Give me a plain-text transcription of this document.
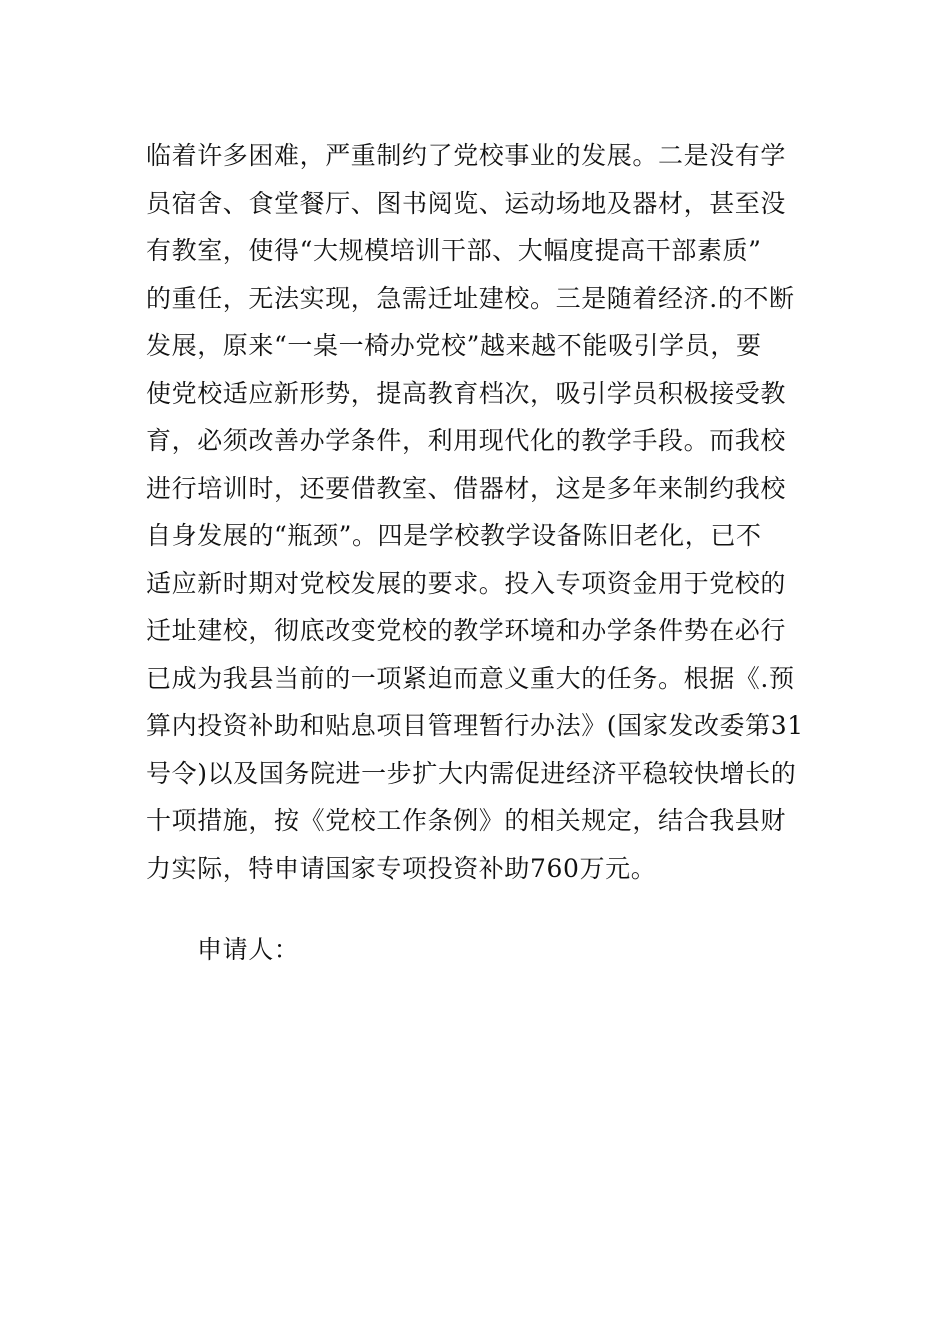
临着许多困难，严重制约了党校事业的发展。二是没有学
员宿舍、食堂餐厅、图书阅览、运动场地及器材，甚至没
有教室，使得“大规模培训干部、大幅度提高干部素质”
的重任，无法实现，急需迁址建校。三是随着经济.的不断
发展，原来“一桌一椅办党校”越来越不能吸引学员，要
使党校适应新形势，提高教育档次，吸引学员积极接受教
育，必须改善办学条件，利用现代化的教学手段。而我校
进行培训时，还要借教室、借器材，这是多年来制约我校
自身发展的“瓶颈”。四是学校教学设备陈旧老化，已不
适应新时期对党校发展的要求。投入专项资金用于党校的
迁址建校，彻底改变党校的教学环境和办学条件势在必行
已成为我县当前的一项紧迫而意义重大的任务。根据《.预
算内投资补助和贴息项目管理暂行办法》(国家发改委第31
号令)以及国务院进一步扩大内需促进经济平稳较快增长的
十项措施，按《党校工作条例》的相关规定，结合我县财
力实际，特申请国家专项投资补助760万元。
申请人：
